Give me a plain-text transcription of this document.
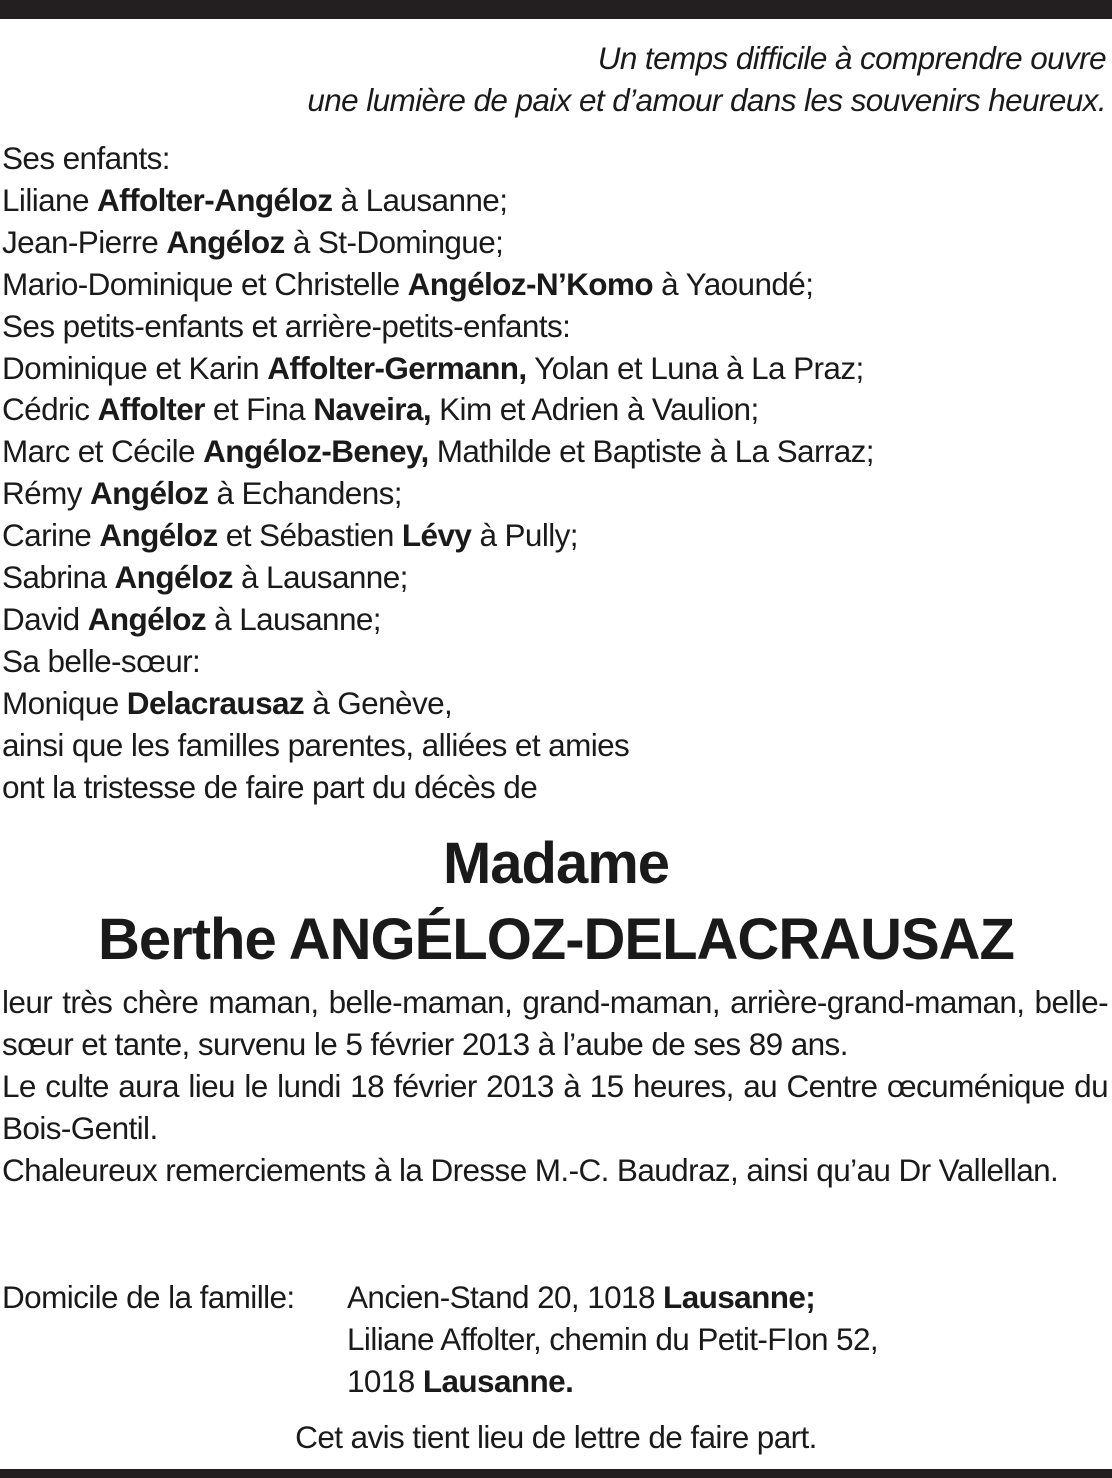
Un temps difficile à comprendre ouvre
une lumière de paix et d’amour dans les souvenirs heureux.
Ses enfants:
Liliane Affolter-Angéloz à Lausanne;
Jean-Pierre Angéloz à St-Domingue;
Mario-Dominique et Christelle Angéloz-N’Komo à Yaoundé;
Ses petits-enfants et arrière-petits-enfants:
Dominique et Karin Affolter-Germann, Yolan et Luna à La Praz;
Cédric Affolter et Fina Naveira, Kim et Adrien à Vaulion;
Marc et Cécile Angéloz-Beney, Mathilde et Baptiste à La Sarraz;
Rémy Angéloz à Echandens;
Carine Angéloz et Sébastien Lévy à Pully;
Sabrina Angéloz à Lausanne;
David Angéloz à Lausanne;
Sa belle-sœur:
Monique Delacrausaz à Genève,
ainsi que les familles parentes, alliées et amies
ont la tristesse de faire part du décès de
Madame
Berthe ANGÉLOZ-DELACRAUSAZ
leur très chère maman, belle-maman, grand-maman, arrière-grand-maman, belle-sœur et tante, survenu le 5 février 2013 à l’aube de ses 89 ans.
Le culte aura lieu le lundi 18 février 2013 à 15 heures, au Centre œcuménique du Bois-Gentil.
Chaleureux remerciements à la Dresse M.-C. Baudraz, ainsi qu’au Dr Vallellan.
Domicile de la famille:	Ancien-Stand 20, 1018 Lausanne;
Liliane Affolter, chemin du Petit-FIon 52,
1018 Lausanne.
Cet avis tient lieu de lettre de faire part.
